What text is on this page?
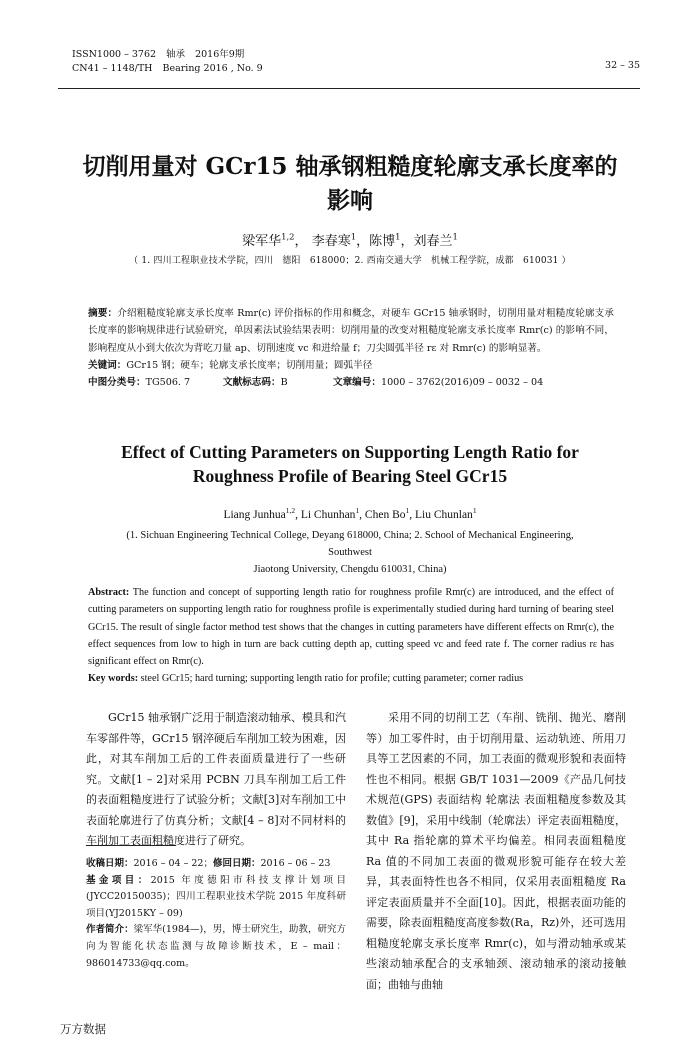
ISSN1000 – 3762 轴承 2016年9期
CN41 – 1148/TH Bearing 2016 , No. 9	32 – 35
切削用量对 GCr15 轴承钢粗糙度轮廓支承长度率的
影响
梁军华$^{1,2}$， 李春寒$^1$，陈博$^1$，刘春兰$^1$
（ 1. 四川工程职业技术学院，四川　德阳　618000；2. 西南交通大学　机械工程学院，成都　610031 ）

摘要：介绍粗糙度轮廓支承长度率 Rmr(c) 评价指标的作用和概念，对硬车 GCr15 轴承钢时，切削用量对粗糙度轮廓支承长度率的影响规律进行试验研究，单因素法试验结果表明：切削用量的改变对粗糙度轮廓支承长度率 Rmr(c) 的影响不同，影响程度从小到大依次为背吃刀量 ap、切削速度 vc 和进给量 f；刀尖圆弧半径 rε 对 Rmr(c) 的影响显著。

关键词：GCr15 钢；硬车；轮廓支承长度率；切削用量；圆弧半径

中图分类号：TG506. 7	文献标志码：B	文章编号：1000 – 3762(2016)09 – 0032 – 04

Effect of Cutting Parameters on Supporting Length Ratio for
Roughness Profile of Bearing Steel GCr15
Liang Junhua$^{1,2}$, Li Chunhan$^1$, Chen Bo$^1$, Liu Chunlan$^1$
(1. Sichuan Engineering Technical College, Deyang 618000, China; 2. School of Mechanical Engineering, Southwest
Jiaotong University, Chengdu 610031, China)

Abstract: The function and concept of supporting length ratio for roughness profile Rmr(c) are introduced, and the effect of cutting parameters on supporting length ratio for roughness profile is experimentally studied during hard turning of bearing steel GCr15. The result of single factor method test shows that the changes in cutting parameters have different effects on Rmr(c), the effect sequences from low to high in turn are back cutting depth ap, cutting speed vc and feed rate f. The corner radius rε has significant effect on Rmr(c).

Key words: steel GCr15; hard turning; supporting length ratio for profile; cutting parameter; corner radius

GCr15 轴承钢广泛用于制造滚动轴承、模具和汽车零部件等，GCr15 钢淬硬后车削加工较为困难，因此，对其车削加工后的工件表面质量进行了一些研究。文献[1 – 2]对采用 PCBN 刀具车削加工后工件的表面粗糙度进行了试验分析；文献[3]对车削加工中表面轮廓进行了仿真分析；文献[4 – 8]对不同材料的车削加工表面粗糙度进行了研究。

收稿日期：2016 – 04 – 22；修回日期：2016 – 06 – 23

基金项目：2015 年度德阳市科技支撑计划项目(JYCC20150035)；四川工程职业技术学院 2015 年度科研项目(YJ2015KY – 09)

作者简介：梁军华(1984—)，男，博士研究生，助教，研究方向为智能化状态监测与故障诊断技术，E – mail：986014733@qq.com。

采用不同的切削工艺（车削、铣削、抛光、磨削等）加工零件时，由于切削用量、运动轨迹、所用刀具等工艺因素的不同，加工表面的微观形貌和表面特性也不相同。根据 GB/T 1031—2009《产品几何技术规范(GPS) 表面结构 轮廓法 表面粗糙度参数及其数值》[9]，采用中线制（轮廓法）评定表面粗糙度，其中 Ra 指轮廓的算术平均偏差。相同表面粗糙度 Ra 值的不同加工表面的微观形貌可能存在较大差异，其表面特性也各不相同，仅采用表面粗糙度 Ra 评定表面质量并不全面[10]。因此，根据表面功能的需要，除表面粗糙度高度参数(Ra，Rz)外，还可选用粗糙度轮廓支承长度率 Rmr(c)，如与滑动轴承或某些滚动轴承配合的支承轴颈、滚动轴承的滚动接触面；曲轴与曲轴

万方数据
